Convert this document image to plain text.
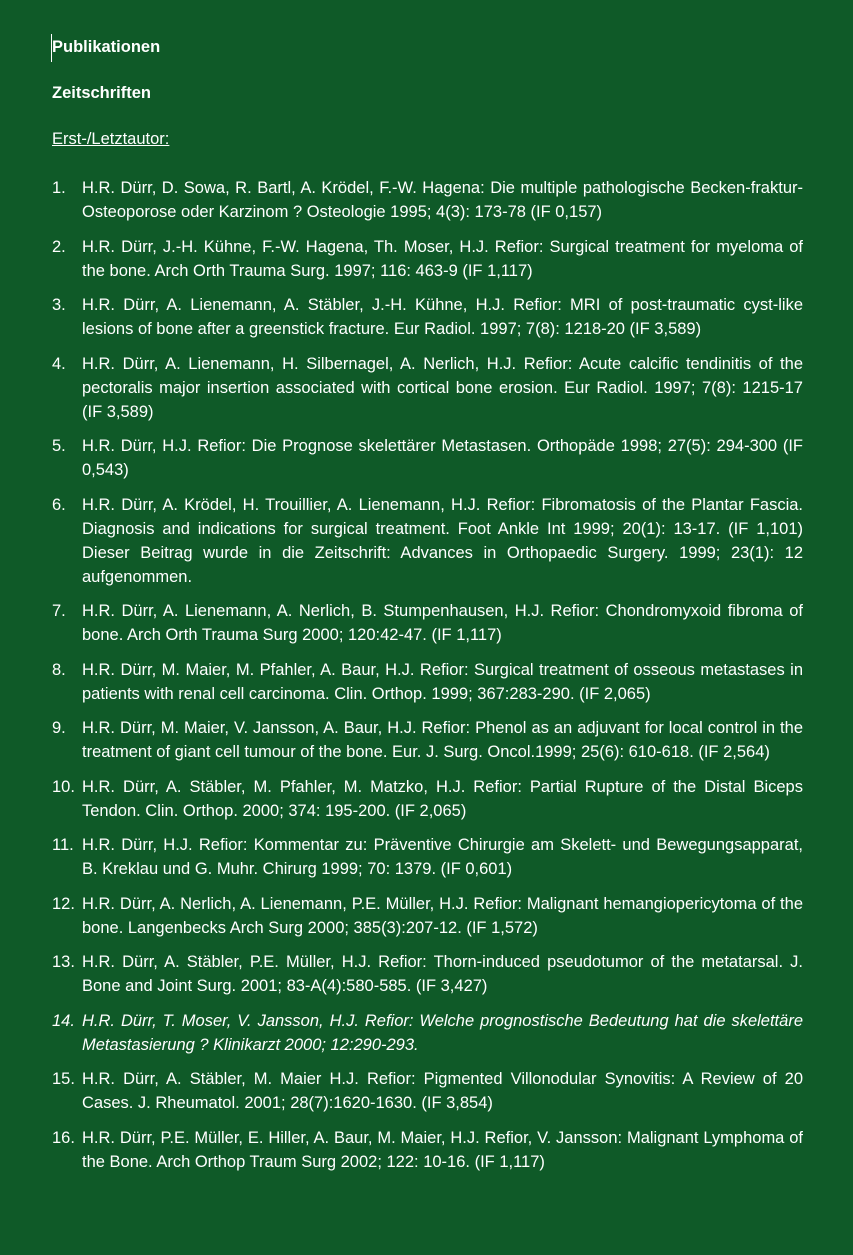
Publikationen
Zeitschriften
Erst-/Letztautor:
1. H.R. Dürr, D. Sowa, R. Bartl, A. Krödel, F.-W. Hagena: Die multiple pathologische Becken-fraktur- Osteoporose oder Karzinom ? Osteologie 1995; 4(3): 173-78 (IF 0,157)
2. H.R. Dürr, J.-H. Kühne, F.-W. Hagena, Th. Moser, H.J. Refior: Surgical treatment for myeloma of the bone. Arch Orth Trauma Surg. 1997; 116: 463-9 (IF 1,117)
3. H.R. Dürr, A. Lienemann, A. Stäbler, J.-H. Kühne, H.J. Refior: MRI of post-traumatic cyst-like lesions of bone after a greenstick fracture. Eur Radiol. 1997; 7(8): 1218-20 (IF 3,589)
4. H.R. Dürr, A. Lienemann, H. Silbernagel, A. Nerlich, H.J. Refior: Acute calcific tendinitis of the pectoralis major insertion associated with cortical bone erosion. Eur Radiol. 1997; 7(8): 1215-17 (IF 3,589)
5. H.R. Dürr, H.J. Refior: Die Prognose skelettärer Metastasen. Orthopäde 1998; 27(5): 294-300 (IF 0,543)
6. H.R. Dürr, A. Krödel, H. Trouillier, A. Lienemann, H.J. Refior: Fibromatosis of the Plantar Fascia. Diagnosis and indications for surgical treatment. Foot Ankle Int 1999; 20(1): 13-17. (IF 1,101) Dieser Beitrag wurde in die Zeitschrift: Advances in Orthopaedic Surgery. 1999; 23(1): 12 aufgenommen.
7. H.R. Dürr, A. Lienemann, A. Nerlich, B. Stumpenhausen, H.J. Refior: Chondromyxoid fibroma of bone. Arch Orth Trauma Surg 2000; 120:42-47. (IF 1,117)
8. H.R. Dürr, M. Maier, M. Pfahler, A. Baur, H.J. Refior: Surgical treatment of osseous metastases in patients with renal cell carcinoma. Clin. Orthop. 1999; 367:283-290. (IF 2,065)
9. H.R. Dürr, M. Maier, V. Jansson, A. Baur, H.J. Refior: Phenol as an adjuvant for local control in the treatment of giant cell tumour of the bone. Eur. J. Surg. Oncol.1999; 25(6): 610-618. (IF 2,564)
10. H.R. Dürr, A. Stäbler, M. Pfahler, M. Matzko, H.J. Refior: Partial Rupture of the Distal Biceps Tendon. Clin. Orthop. 2000; 374: 195-200. (IF 2,065)
11. H.R. Dürr, H.J. Refior: Kommentar zu: Präventive Chirurgie am Skelett- und Bewegungsapparat, B. Kreklau und G. Muhr. Chirurg 1999; 70: 1379. (IF 0,601)
12. H.R. Dürr, A. Nerlich, A. Lienemann, P.E. Müller, H.J. Refior: Malignant hemangiopericytoma of the bone. Langenbecks Arch Surg 2000; 385(3):207-12. (IF 1,572)
13. H.R. Dürr, A. Stäbler, P.E. Müller, H.J. Refior: Thorn-induced pseudotumor of the metatarsal. J. Bone and Joint Surg. 2001; 83-A(4):580-585. (IF 3,427)
14. H.R. Dürr, T. Moser, V. Jansson, H.J. Refior: Welche prognostische Bedeutung hat die skelettäre Metastasierung ? Klinikarzt 2000; 12:290-293.
15. H.R. Dürr, A. Stäbler, M. Maier H.J. Refior: Pigmented Villonodular Synovitis: A Review of 20 Cases. J. Rheumatol. 2001; 28(7):1620-1630. (IF 3,854)
16. H.R. Dürr, P.E. Müller, E. Hiller, A. Baur, M. Maier, H.J. Refior, V. Jansson: Malignant Lymphoma of the Bone. Arch Orthop Traum Surg 2002; 122: 10-16. (IF 1,117)
